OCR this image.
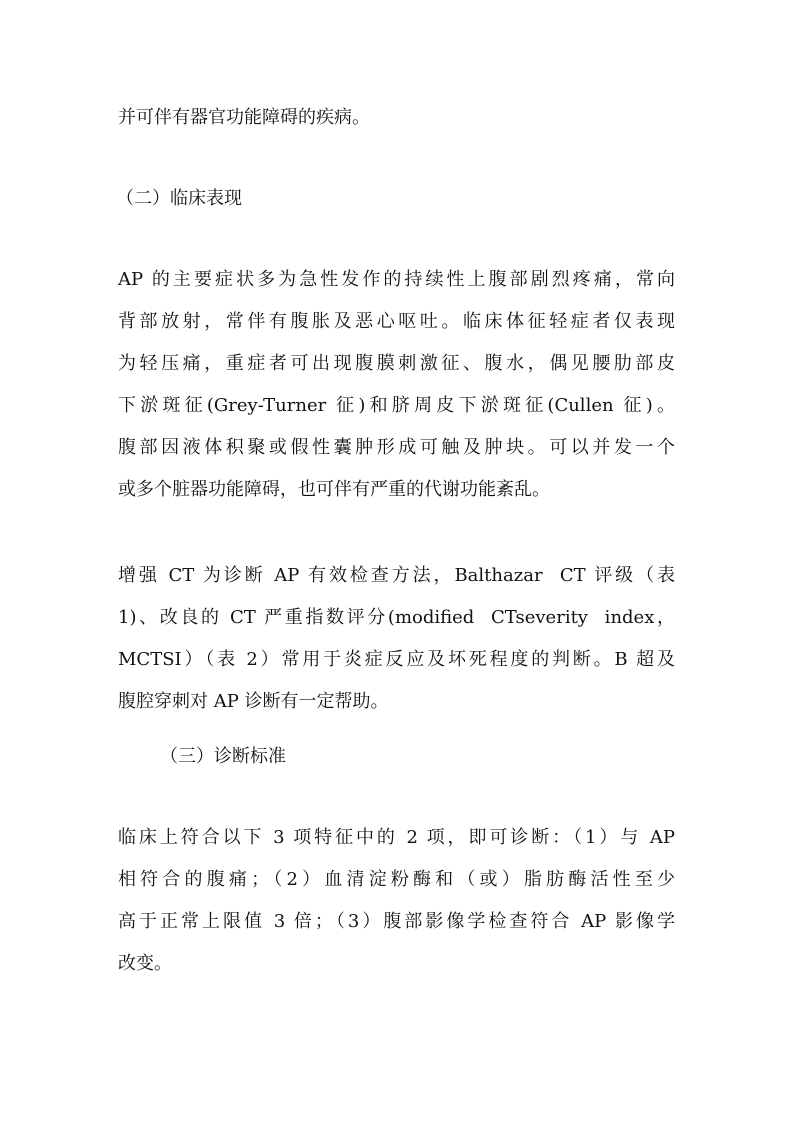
并可伴有器官功能障碍的疾病。
（二）临床表现
AP 的主要症状多为急性发作的持续性上腹部剧烈疼痛，常向
背部放射，常伴有腹胀及恶心呕吐。临床体征轻症者仅表现
为轻压痛，重症者可出现腹膜刺激征、腹水，偶见腰肋部皮
下淤斑征(Grey-Turner 征)和脐周皮下淤斑征(Cullen 征)。
腹部因液体积聚或假性囊肿形成可触及肿块。可以并发一个
或多个脏器功能障碍，也可伴有严重的代谢功能紊乱。
增强 CT 为诊断 AP 有效检查方法，Balthazar  CT 评级（表
1)、改良的 CT 严重指数评分(modified  CTseverity  index，
MCTSI）（表 2）常用于炎症反应及坏死程度的判断。B 超及
腹腔穿刺对 AP 诊断有一定帮助。
（三）诊断标准
临床上符合以下 3 项特征中的 2 项，即可诊断：（1）与 AP
相符合的腹痛；（2）血清淀粉酶和（或）脂肪酶活性至少
高于正常上限值 3 倍；（3）腹部影像学检查符合 AP 影像学
改变。
